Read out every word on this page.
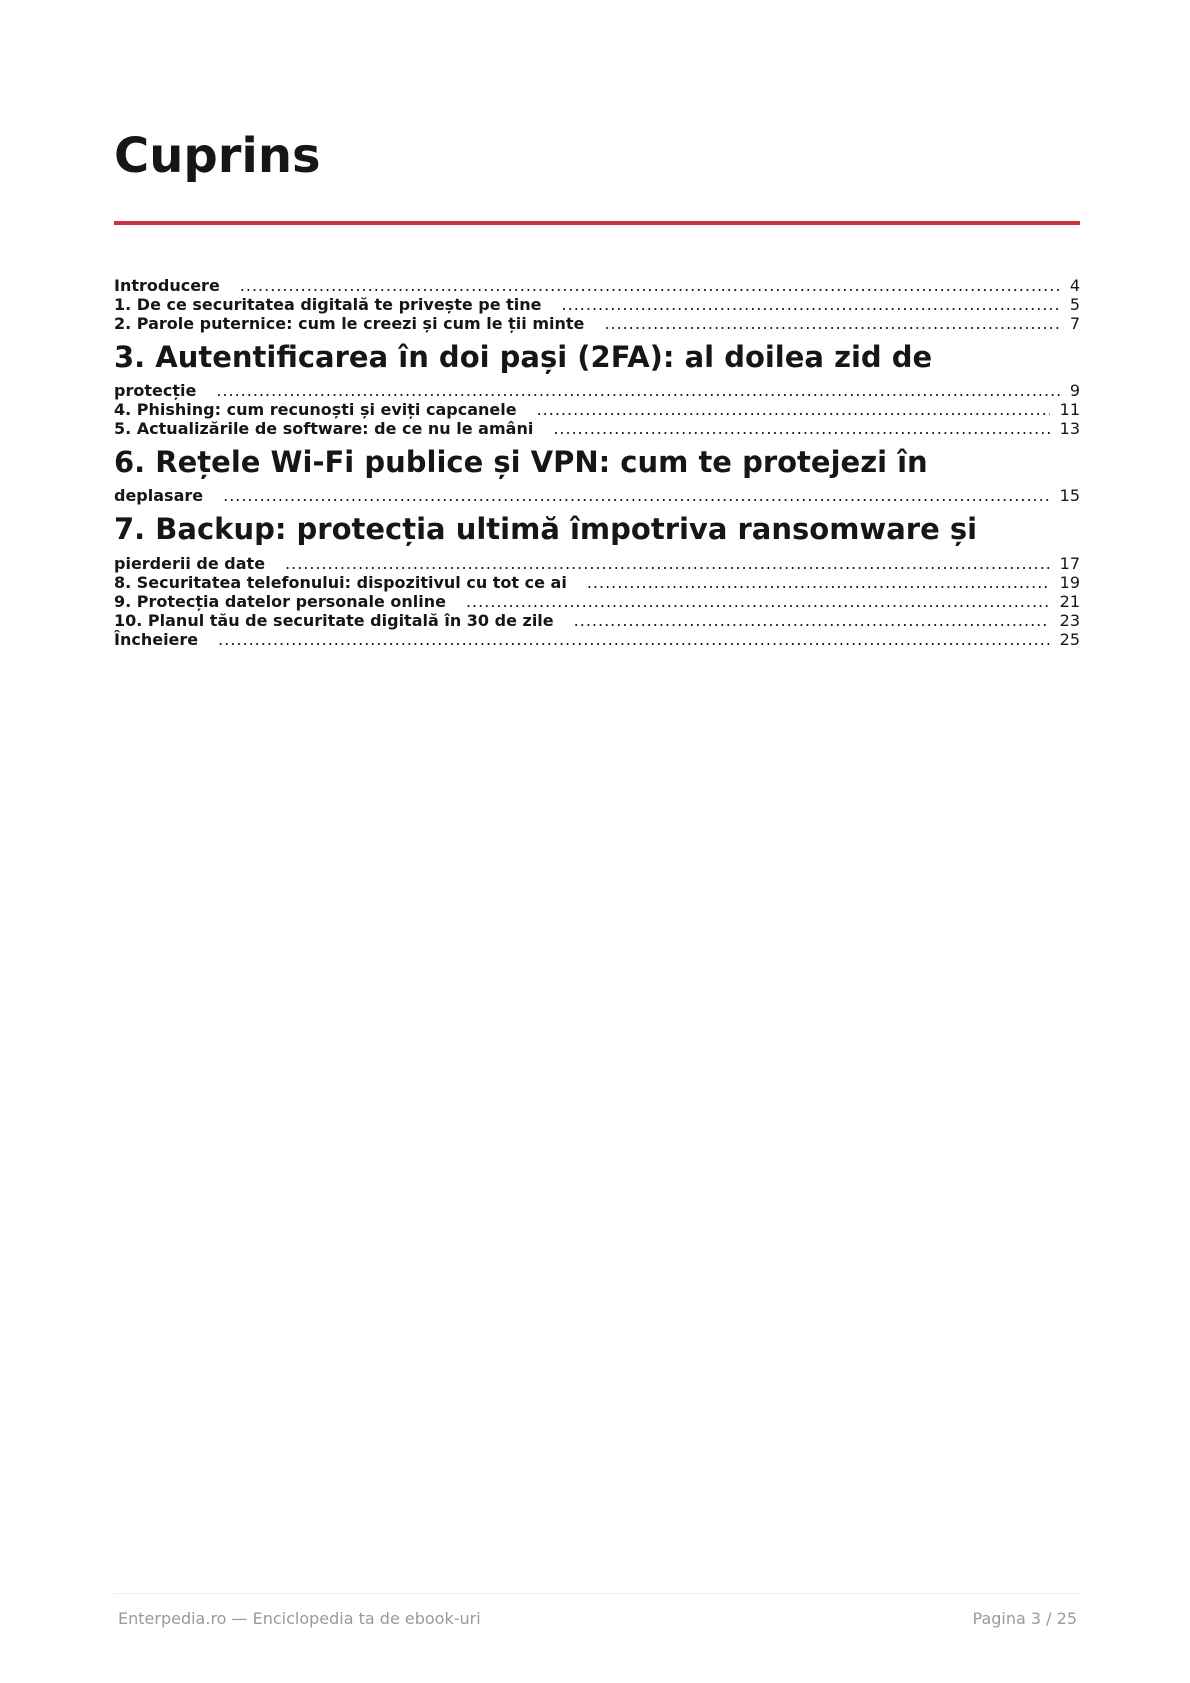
Cuprins
Introducere .....	4
1. De ce securitatea digitală te privește pe tine .....	5
2. Parole puternice: cum le creezi și cum le ții minte .....	7
3. Autentificarea în doi pași (2FA): al doilea zid de
protecție .....	9
4. Phishing: cum recunoști și eviți capcanele .....	11
5. Actualizările de software: de ce nu le amâni .....	13
6. Rețele Wi-Fi publice și VPN: cum te protejezi în
deplasare .....	15
7. Backup: protecția ultimă împotriva ransomware și
pierderii de date .....	17
8. Securitatea telefonului: dispozitivul cu tot ce ai .....	19
9. Protecția datelor personale online .....	21
10. Planul tău de securitate digitală în 30 de zile .....	23
Încheiere .....	25
Enterpedia.ro — Enciclopedia ta de ebook-uri	Pagina 3 / 25
